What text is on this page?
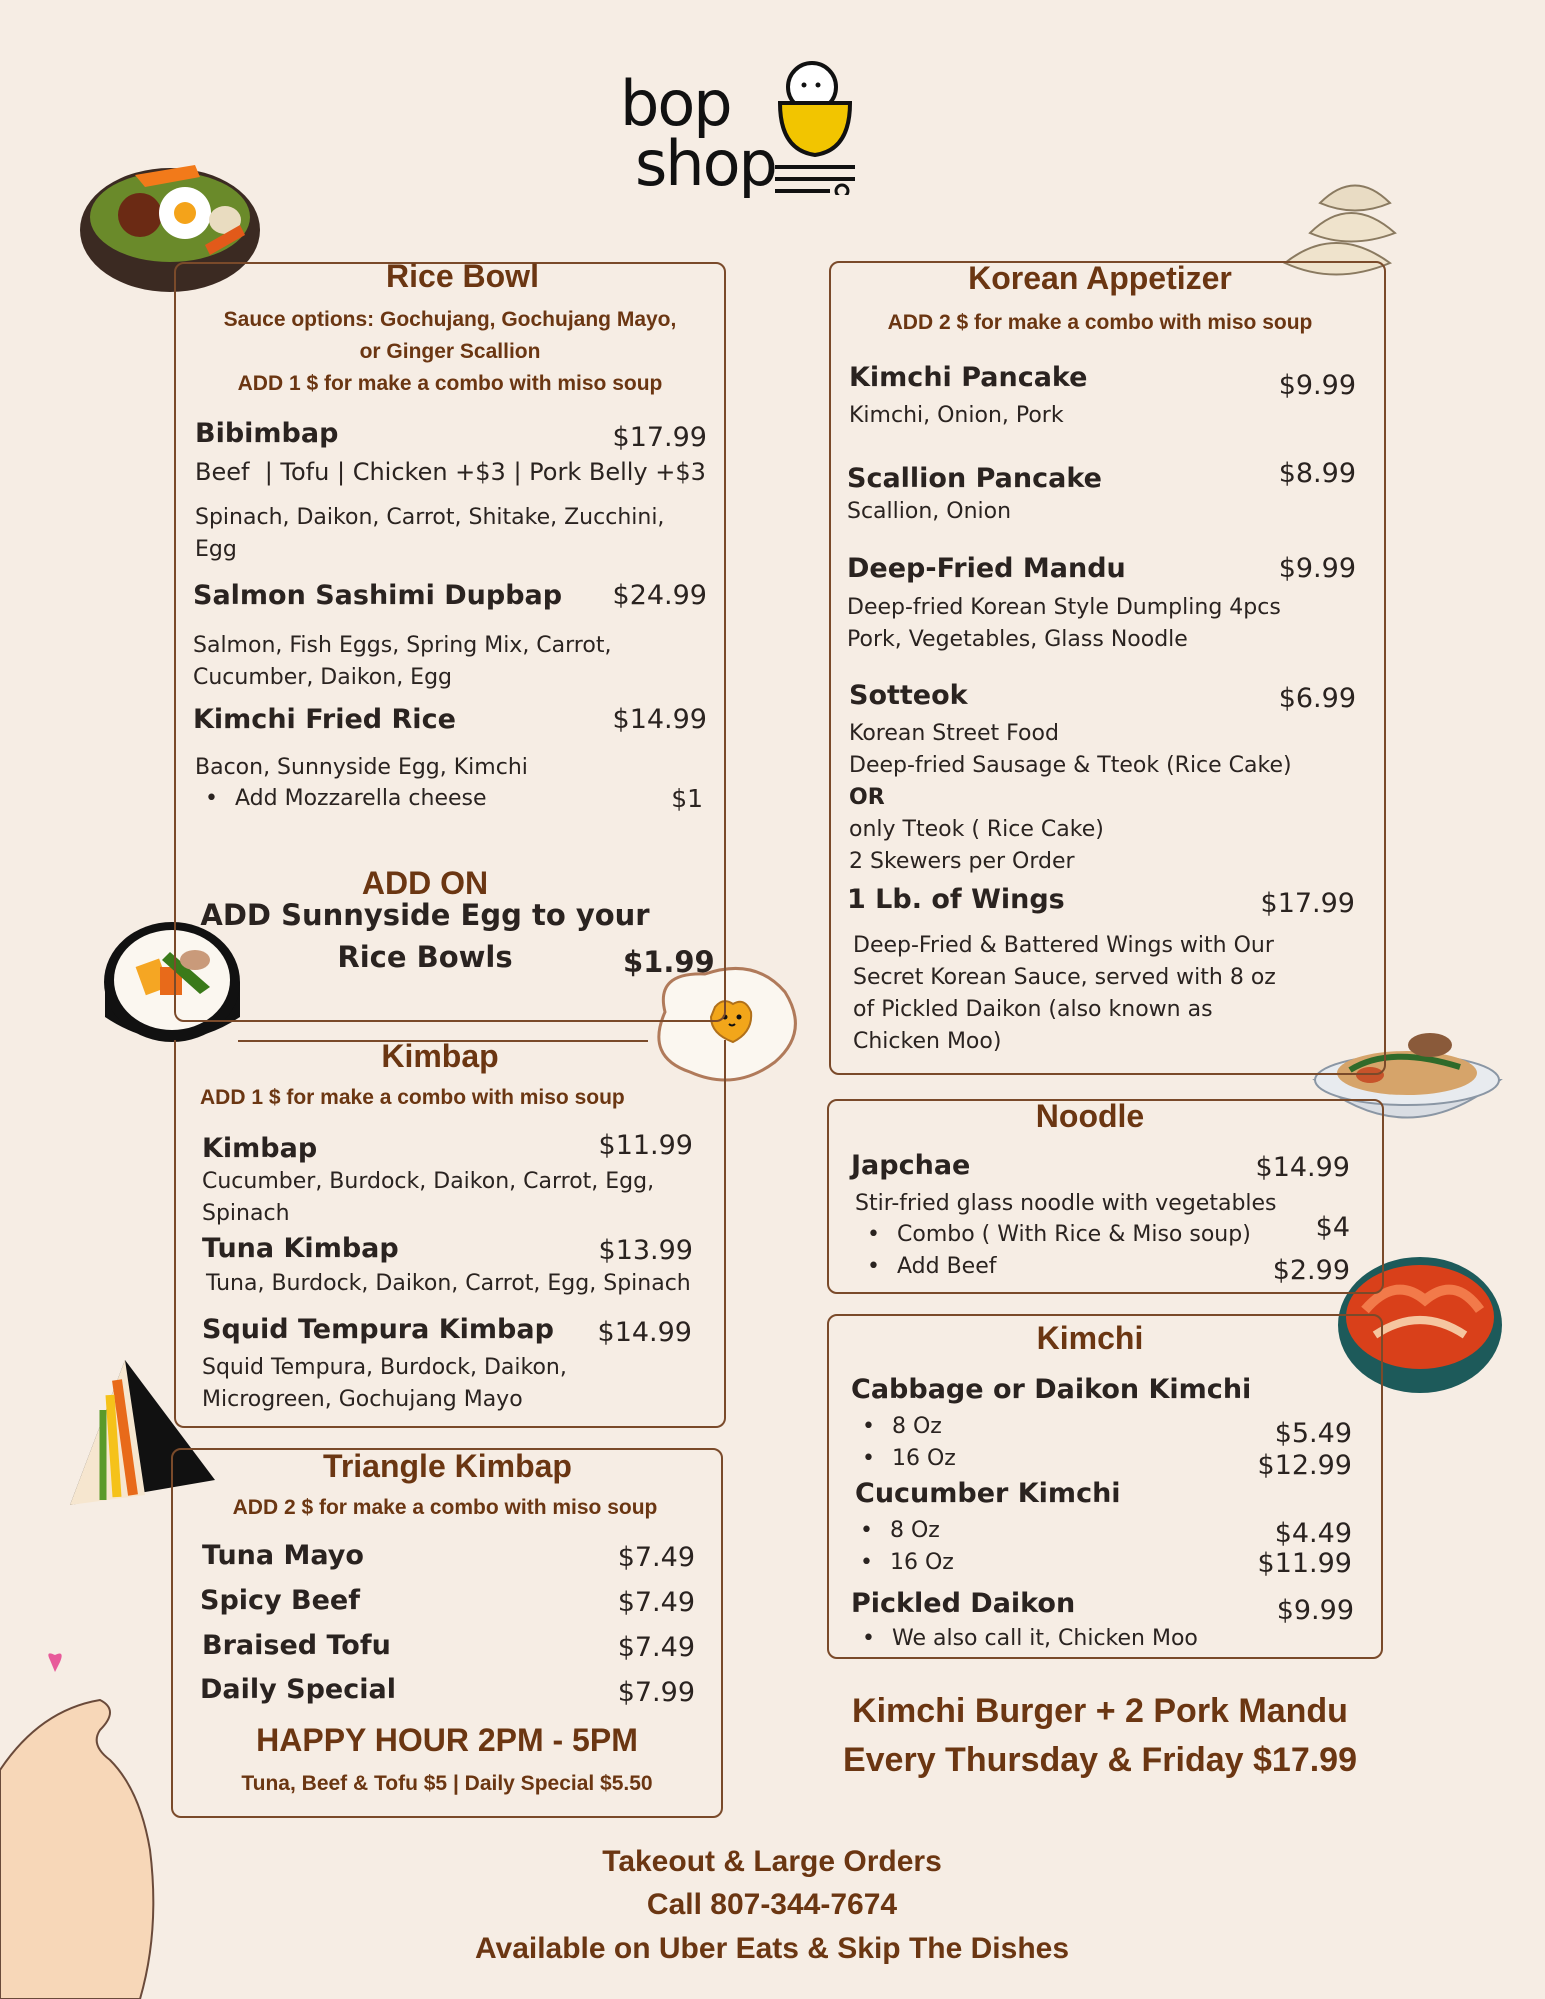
bop
shop
Rice Bowl
Sauce options: Gochujang, Gochujang Mayo,
or Ginger Scallion
ADD 1 $ for make a combo with miso soup
Bibimbap	$17.99
Beef  | Tofu | Chicken +$3 | Pork Belly +$3
Spinach, Daikon, Carrot, Shitake, Zucchini,
Egg
Salmon Sashimi Dupbap $24.99
Salmon, Fish Eggs, Spring Mix, Carrot,
Cucumber, Daikon, Egg
Kimchi Fried Rice	$14.99
Bacon, Sunnyside Egg, Kimchi
• Add Mozzarella cheese	$1
ADD ON
ADD Sunnyside Egg to your
Rice Bowls	$1.99
Kimbap
ADD 1 $ for make a combo with miso soup
Kimbap	$11.99
Cucumber, Burdock, Daikon, Carrot, Egg,
Spinach
Tuna Kimbap	$13.99
Tuna, Burdock, Daikon, Carrot, Egg, Spinach
Squid Tempura Kimbap $14.99
Squid Tempura, Burdock, Daikon,
Microgreen, Gochujang Mayo
Triangle Kimbap
ADD 2 $ for make a combo with miso soup
Tuna Mayo	$7.49
Spicy Beef	$7.49
Braised Tofu	$7.49
Daily Special	$7.99
HAPPY HOUR 2PM - 5PM
Tuna, Beef & Tofu $5 | Daily Special $5.50
Korean Appetizer
ADD 2 $ for make a combo with miso soup
Kimchi Pancake	$9.99
Kimchi, Onion, Pork
Scallion Pancake	$8.99
Scallion, Onion
Deep-Fried Mandu	$9.99
Deep-fried Korean Style Dumpling 4pcs
Pork, Vegetables, Glass Noodle
Sotteok	$6.99
Korean Street Food
Deep-fried Sausage & Tteok (Rice Cake)
OR
only Tteok ( Rice Cake)
2 Skewers per Order
1 Lb. of Wings	$17.99
Deep-Fried & Battered Wings with Our
Secret Korean Sauce, served with 8 oz
of Pickled Daikon (also known as
Chicken Moo)
Noodle
Japchae	$14.99
Stir-fried glass noodle with vegetables
• Combo ( With Rice & Miso soup) $4
• Add Beef	$2.99
Kimchi
Cabbage or Daikon Kimchi
• 8 Oz	$5.49
• 16 Oz	$12.99
Cucumber Kimchi
• 8 Oz	$4.49
• 16 Oz	$11.99
Pickled Daikon	$9.99
• We also call it, Chicken Moo
Kimchi Burger + 2 Pork Mandu
Every Thursday & Friday $17.99
Takeout & Large Orders
Call 807-344-7674
Available on Uber Eats & Skip The Dishes
